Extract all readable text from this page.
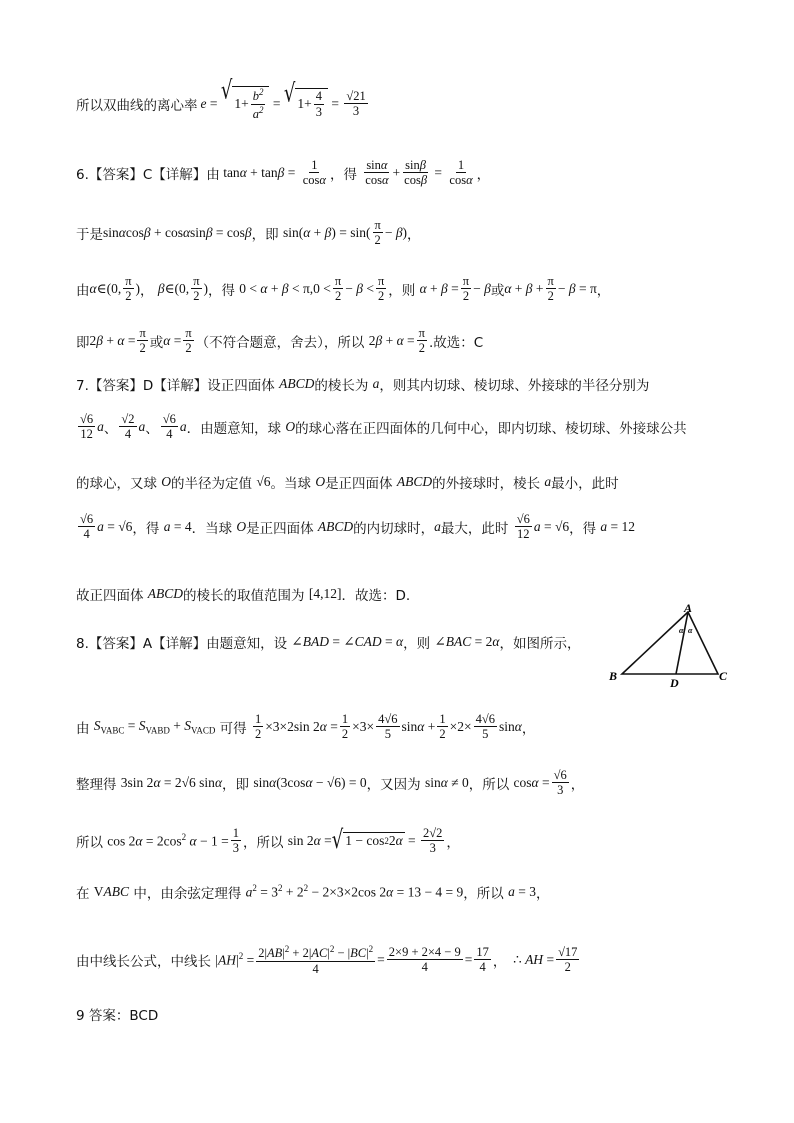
所以双曲线的离心率 e = √ $1+ \frac{b^2}{a^2}$ = √ $1+ \frac{4}{3} = \frac{√21}{3}$
6.【答案】C【详解】由 $\tan \alpha + \tan \beta = \frac{1}{\cos\alpha}$ ，得 $\frac{\sin\alpha}{\cos\alpha} + \frac{\sin\beta}{\cos\beta} = \frac{1}{\cos\alpha}$ ，
于是 sinαcosβ + cosαsinβ = cosβ ，即 $\sin(\alpha + \beta) = \sin( \frac{\pi}{2} - \beta)$ ，
由 α ∈(0, $\frac{\pi}{2}$ ) ， β ∈(0, $\frac{\pi}{2}$ ) ，得 $0 < \alpha + \beta < \pi,0 < \frac{\pi}{2} - \beta < \frac{\pi}{2}$ ，则 $\alpha + \beta = \frac{\pi}{2} - \beta$ 或 $\alpha + \beta + \frac{\pi}{2} - \beta = \pi$ ，
即 $2\beta + \alpha = \frac{\pi}{2}$ 或 $\alpha = \frac{\pi}{2}$ （不符合题意，舍去），所以 $2\beta + \alpha = \frac{\pi}{2}$ .故选：C
7.【答案】D【详解】设正四面体 ABCD 的棱长为 a ，则其内切球、棱切球、外接球的半径分别为
$\frac{√6}{12}$ a 、 $\frac{√2}{4}$ a 、 $\frac{√6}{4}$ a ．由题意知，球 O 的球心落在正四面体的几何中心，即内切球、棱切球、外接球公共
的球心，又球 O 的半径为定值 √6 。当球 O 是正四面体 ABCD 的外接球时，棱长 a 最小，此时
$\frac{√6}{4}$ a = √6 ，得 a = 4 ．当球 O 是正四面体 ABCD 的内切球时， a 最大，此时 $\frac{√6}{12}$ a = √6 ，得 a = 12
故正四面体 ABCD 的棱长的取值范围为 [4,12] ．故选：D.
8.【答案】A【详解】由题意知，设 ∠BAD = ∠CAD = α ，则 ∠BAC = 2α ，如图所示，
A
B	D	C
α α
由 $S_{VABC} = S_{VABD} + S_{VACD}$ 可得 $\frac{1}{2} \times 3\times 2\sin$ $2\alpha = \frac{1}{2} \times 3\times \frac{4√6}{5}$ $\sin\alpha + \frac{1}{2} \times 2\times \frac{4√6}{5}$ sinα ，
整理得 3sin 2α = 2√6 sinα ，即 sinα(3cosα − √6) = 0 ，又因为 sinα ≠ 0 ，所以 $\cos\alpha = \frac{√6}{3}$ ，
所以 $\cos 2\alpha = 2\cos^2$ $\alpha - 1 = \frac{1}{3}$ ，所以 sin 2α = √ 1 − cos 2 2 $\alpha = \frac{2√2}{3}$ ，
在 VABC 中，由余弦定理得 $a^2 = 3^2 + 2^2 - 2\times 3\times 2\cos$ 2α = 13 − 4 = 9 ，所以 a = 3 ，
由中线长公式，中线长 $|AH|^2 = \frac{2|AB|^2 + 2|AC|^2 - |BC|^2}{4} = \frac{2\times 9 + 2\times 4 - 9}{4} = \frac{17}{4}$ ， ∴ AH = $\frac{√17}{2}$
9 答案：BCD
